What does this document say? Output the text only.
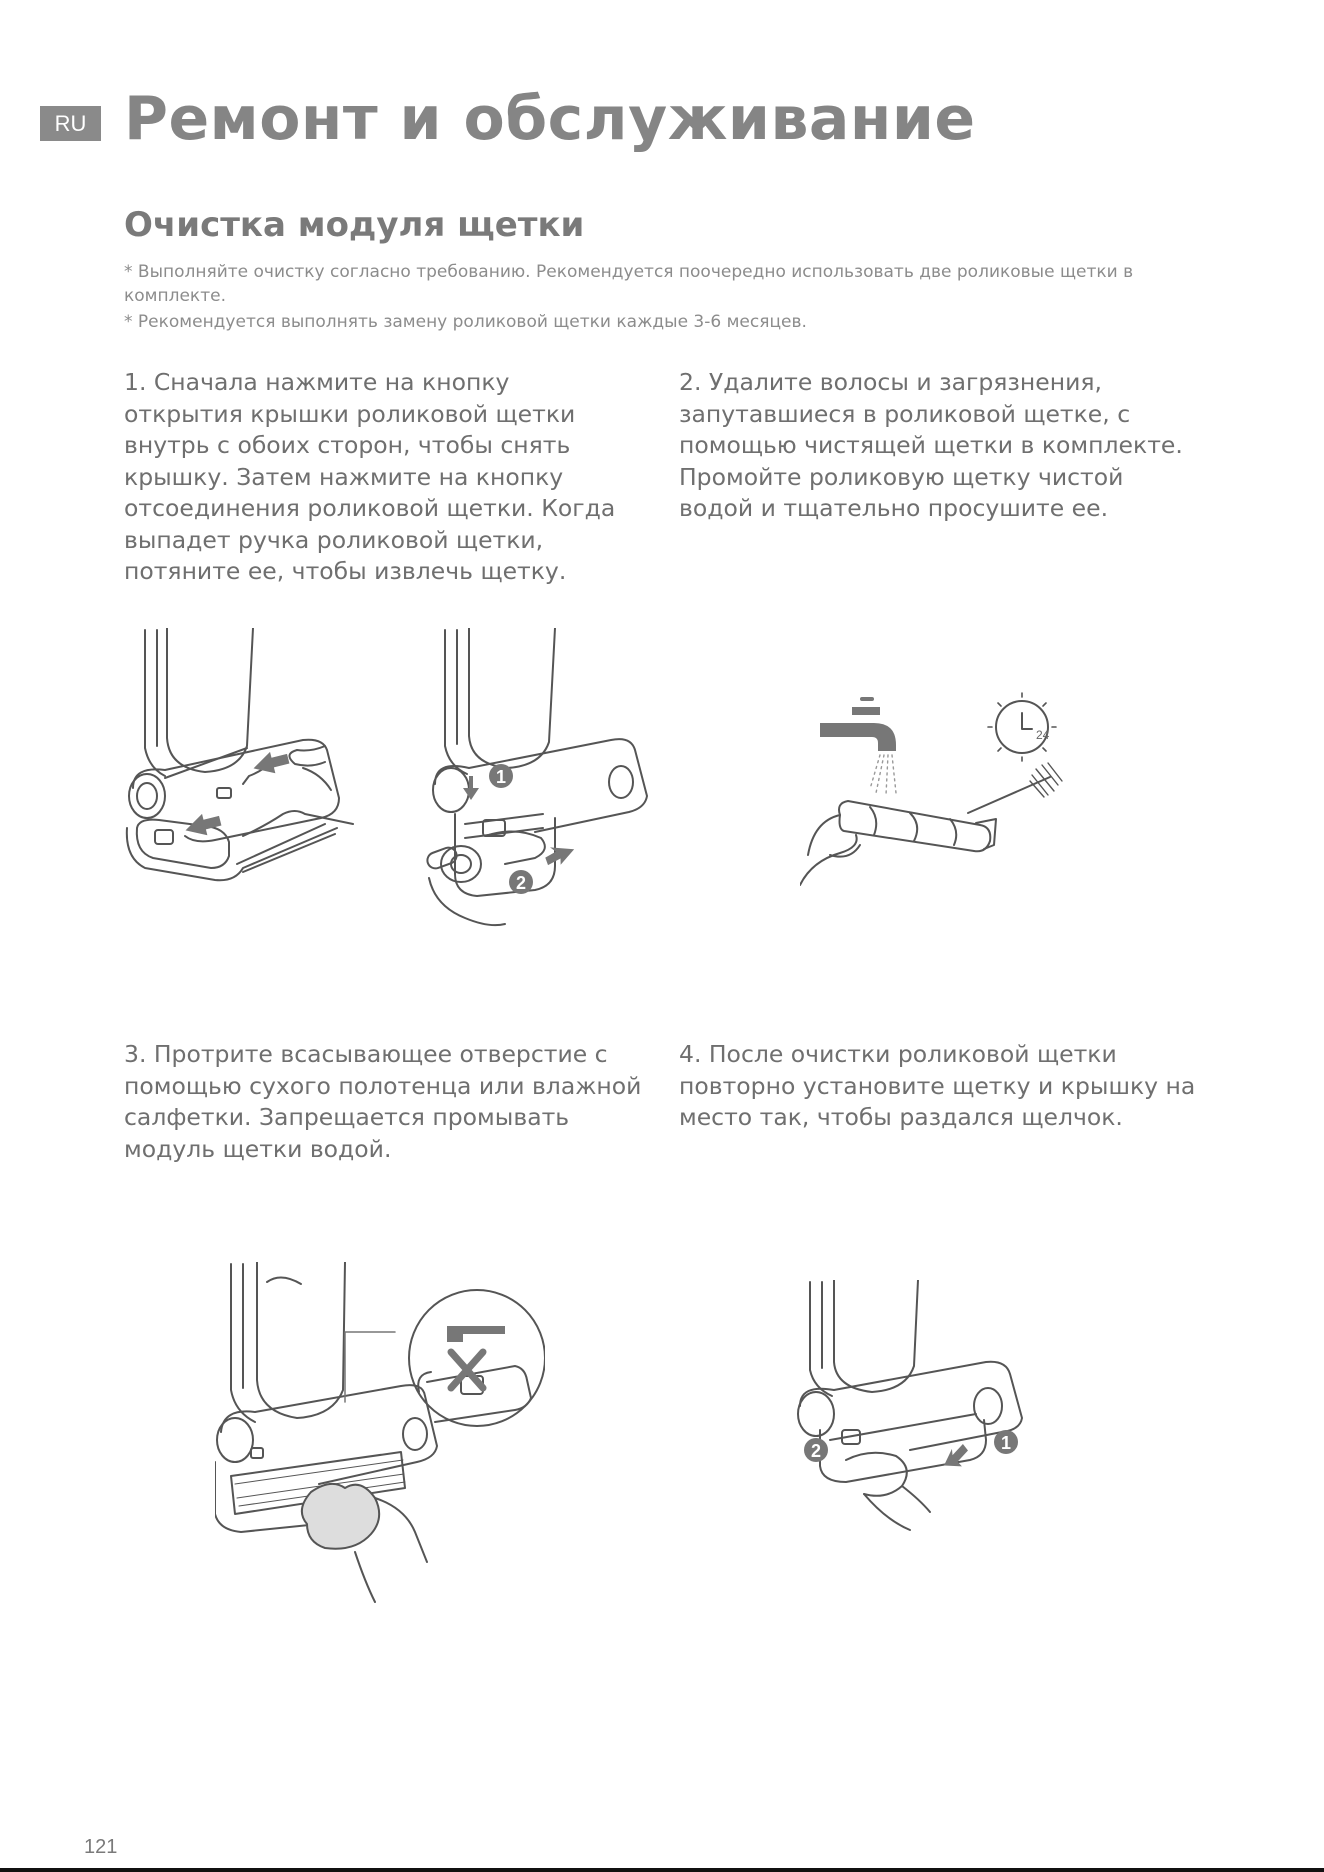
RU Ремонт и обслуживание
Очистка модуля щетки

* Выполняйте очистку согласно требованию. Рекомендуется поочередно использовать две роликовые щетки в комплекте.

* Рекомендуется выполнять замену роликовой щетки каждые 3-6 месяцев.

1. Сначала нажмите на кнопку открытия крышки роликовой щетки внутрь с обоих сторон, чтобы снять крышку. Затем нажмите на кнопку отсоединения роликовой щетки. Когда выпадет ручка роликовой щетки, потяните ее, чтобы извлечь щетку.

2. Удалите волосы и загрязнения, запутавшиеся в роликовой щетке, с помощью чистящей щетки в комплекте. Промойте роликовую щетку чистой водой и тщательно просушите ее.

3. Протрите всасывающее отверстие с помощью сухого полотенца или влажной салфетки. Запрещается промывать модуль щетки водой.

4. После очистки роликовой щетки повторно установите щетку и крышку на место так, чтобы раздался щелчок.

1
2
24
2	1
121
